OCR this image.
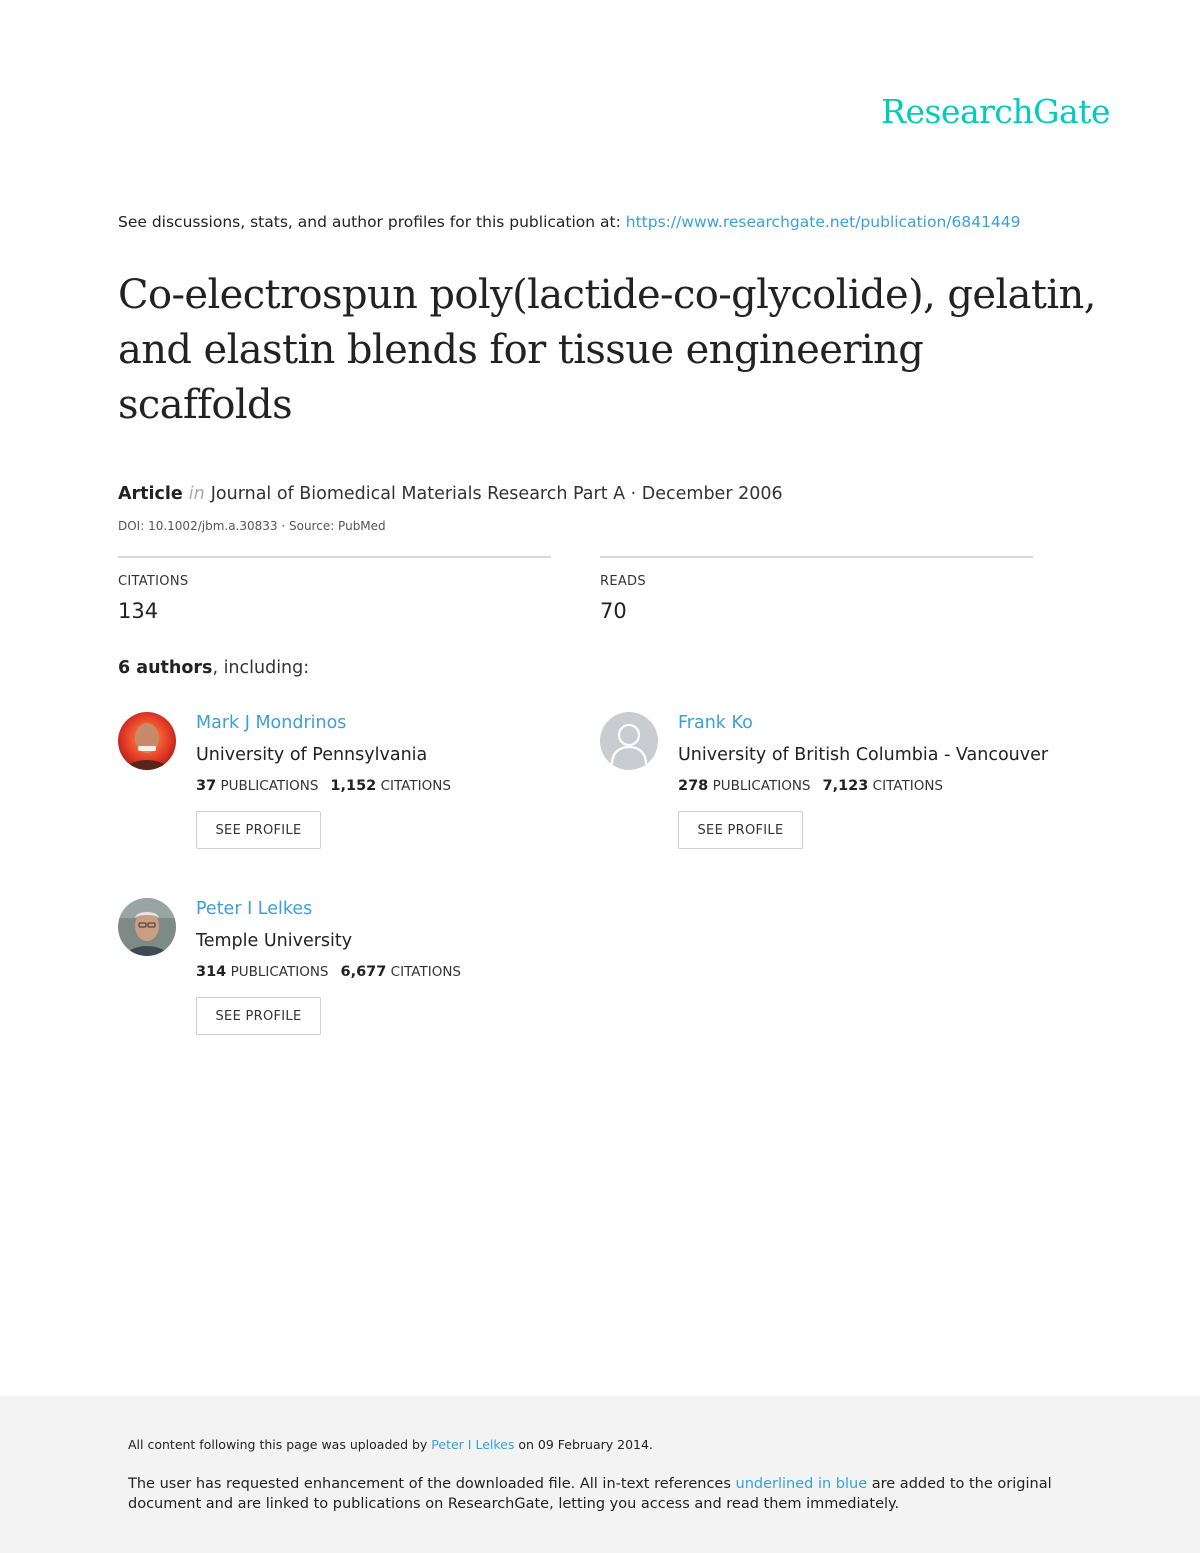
ResearchGate
See discussions, stats, and author profiles for this publication at: https://www.researchgate.net/publication/6841449
Co-electrospun poly(lactide-co-glycolide), gelatin, and elastin blends for tissue engineering scaffolds
Article in Journal of Biomedical Materials Research Part A · December 2006
DOI: 10.1002/jbm.a.30833 · Source: PubMed
CITATIONS
134
READS
70
6 authors, including:
Mark J Mondrinos
University of Pennsylvania
37 PUBLICATIONS 1,152 CITATIONS
SEE PROFILE
Frank Ko
University of British Columbia - Vancouver
278 PUBLICATIONS 7,123 CITATIONS
SEE PROFILE
Peter I Lelkes
Temple University
314 PUBLICATIONS 6,677 CITATIONS
SEE PROFILE
All content following this page was uploaded by Peter I Lelkes on 09 February 2014.
The user has requested enhancement of the downloaded file. All in-text references underlined in blue are added to the original document and are linked to publications on ResearchGate, letting you access and read them immediately.
